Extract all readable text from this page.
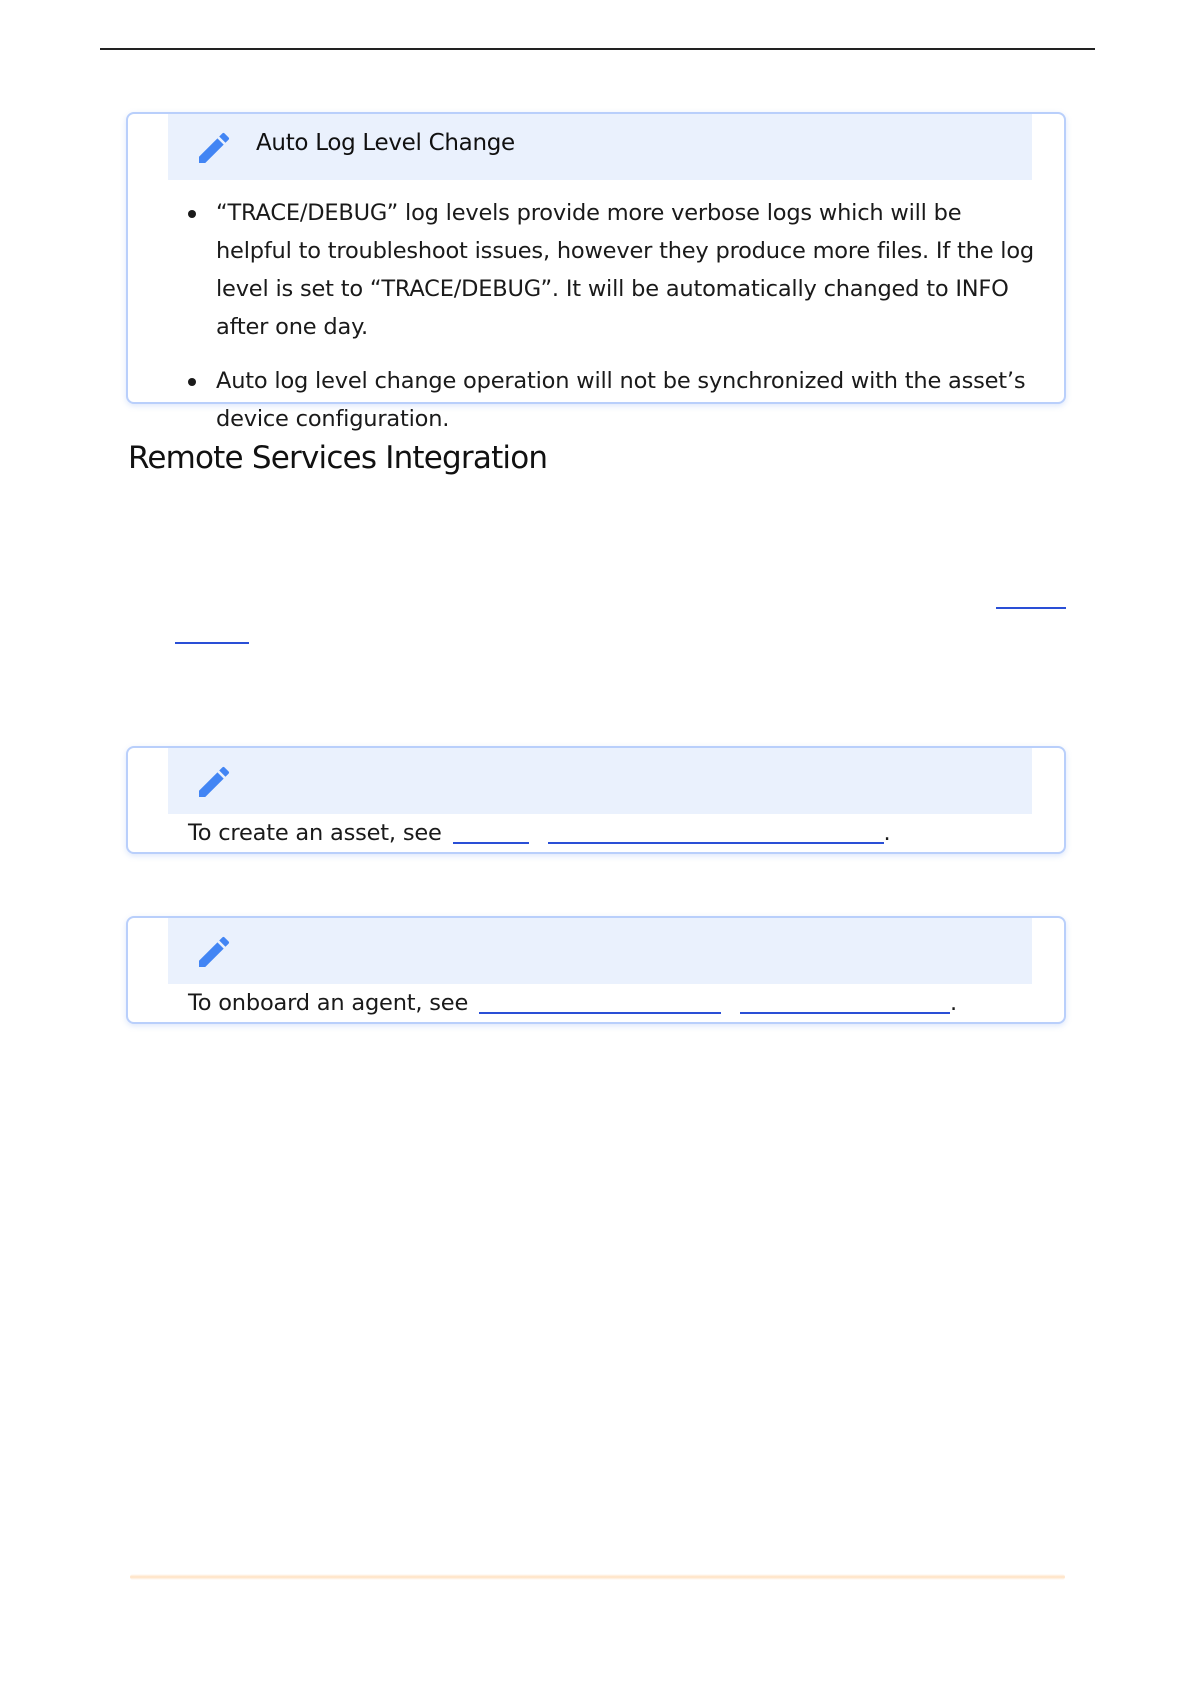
Auto Log Level Change
“TRACE/DEBUG” log levels provide more verbose logs which will be helpful to troubleshoot issues, however they produce more files. If the log level is set to “TRACE/DEBUG”. It will be automatically changed to INFO after one day.
Auto log level change operation will not be synchronized with the asset’s device configuration.
Remote Services Integration
To create an asset, see	.
To onboard an agent, see	.
